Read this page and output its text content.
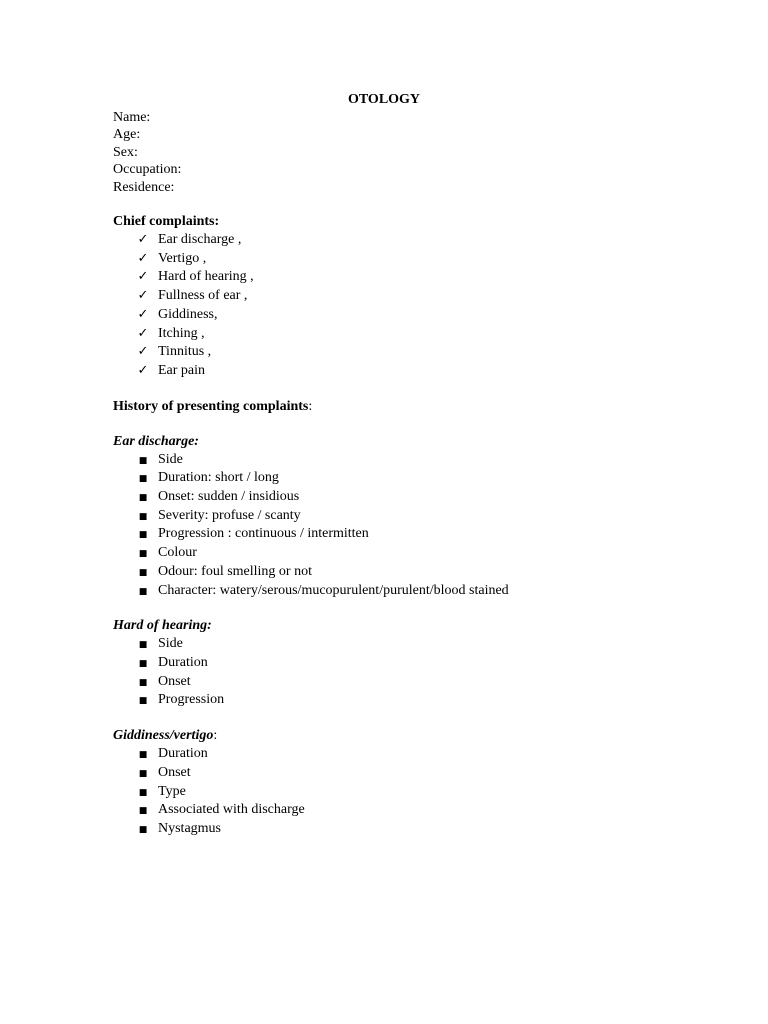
OTOLOGY
Name:
Age:
Sex:
Occupation:
Residence:
Chief complaints:
✓ Ear discharge ,
✓ Vertigo ,
✓ Hard of hearing ,
✓ Fullness of ear ,
✓ Giddiness,
✓ Itching ,
✓ Tinnitus ,
✓ Ear pain
History of presenting complaints:
Ear discharge:
■ Side
■ Duration: short / long
■ Onset: sudden / insidious
■ Severity: profuse / scanty
■ Progression : continuous / intermitten
■ Colour
■ Odour: foul smelling or not
■ Character: watery/serous/mucopurulent/purulent/blood stained
Hard of hearing:
■ Side
■ Duration
■ Onset
■ Progression
Giddiness/vertigo:
■ Duration
■ Onset
■ Type
■ Associated with discharge
■ Nystagmus
